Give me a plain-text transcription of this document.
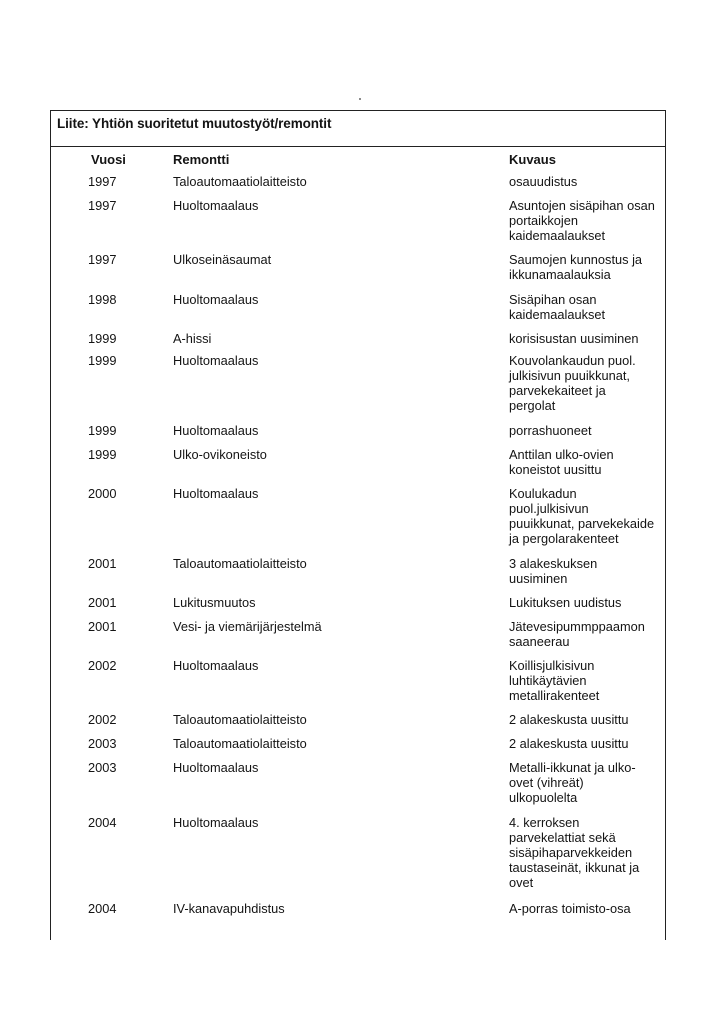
Liite: Yhtiön suoritetut muutostyöt/remontit
Vuosi	Remontti	Kuvaus
1997	Taloautomaatiolaitteisto	osauudistus
1997	Huoltomaalaus	Asuntojen sisäpihan osan
portaikkojen
kaidemaalaukset
1997	Ulkoseinäsaumat	Saumojen kunnostus ja
ikkunamaalauksia
1998	Huoltomaalaus	Sisäpihan osan
kaidemaalaukset
1999	A-hissi	korisisustan uusiminen
1999	Huoltomaalaus	Kouvolankaudun puol.
julkisivun puuikkunat,
parvekekaiteet ja
pergolat
1999	Huoltomaalaus	porrashuoneet
1999	Ulko-ovikoneisto	Anttilan ulko-ovien
koneistot uusittu
2000	Huoltomaalaus	Koulukadun
puol.julkisivun
puuikkunat, parvekekaide
ja pergolarakenteet
2001	Taloautomaatiolaitteisto	3 alakeskuksen
uusiminen
2001	Lukitusmuutos	Lukituksen uudistus
2001	Vesi- ja viemärijärjestelmä	Jätevesipummppaamon
saaneerau
2002	Huoltomaalaus	Koillisjulkisivun
luhtikäytävien
metallirakenteet
2002	Taloautomaatiolaitteisto	2 alakeskusta uusittu
2003	Taloautomaatiolaitteisto	2 alakeskusta uusittu
2003	Huoltomaalaus	Metalli-ikkunat ja ulko-
ovet (vihreät)
ulkopuolelta
2004	Huoltomaalaus	4. kerroksen
parvekelattiat sekä
sisäpihaparvekkeiden
taustaseinät, ikkunat ja
ovet
2004	IV-kanavapuhdistus	A-porras toimisto-osa
